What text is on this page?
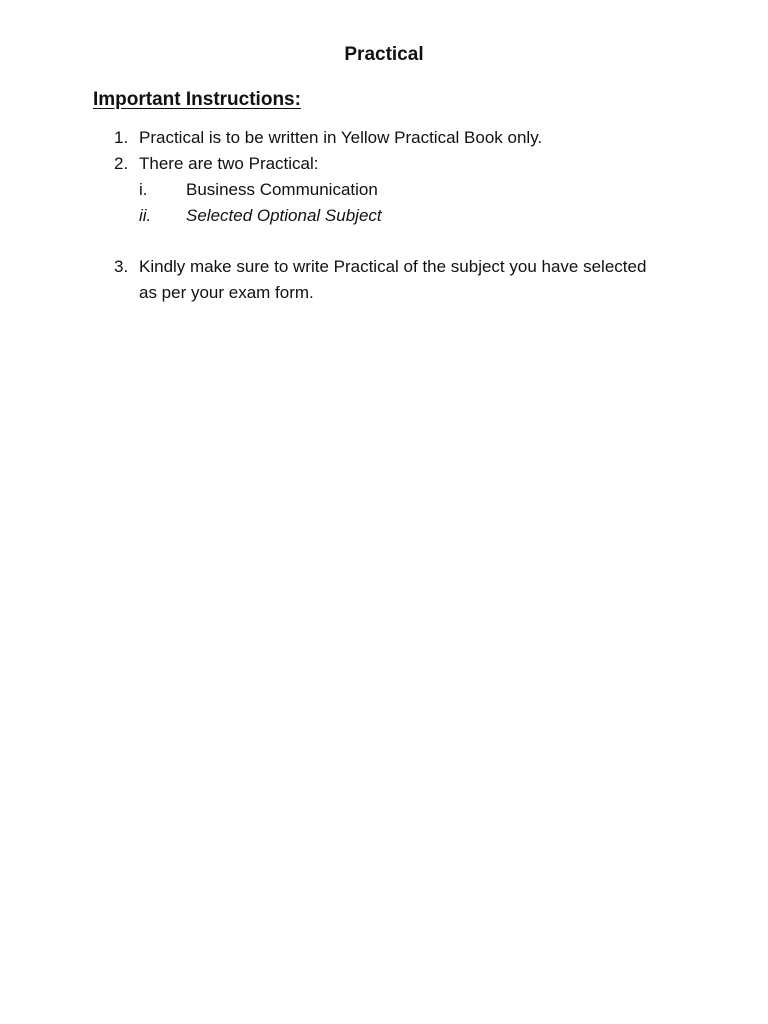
Practical
Important Instructions:
1. Practical is to be written in Yellow Practical Book only.
2. There are two Practical:
i. Business Communication
ii. Selected Optional Subject
3. Kindly make sure to write Practical of the subject you have selected as per your exam form.
